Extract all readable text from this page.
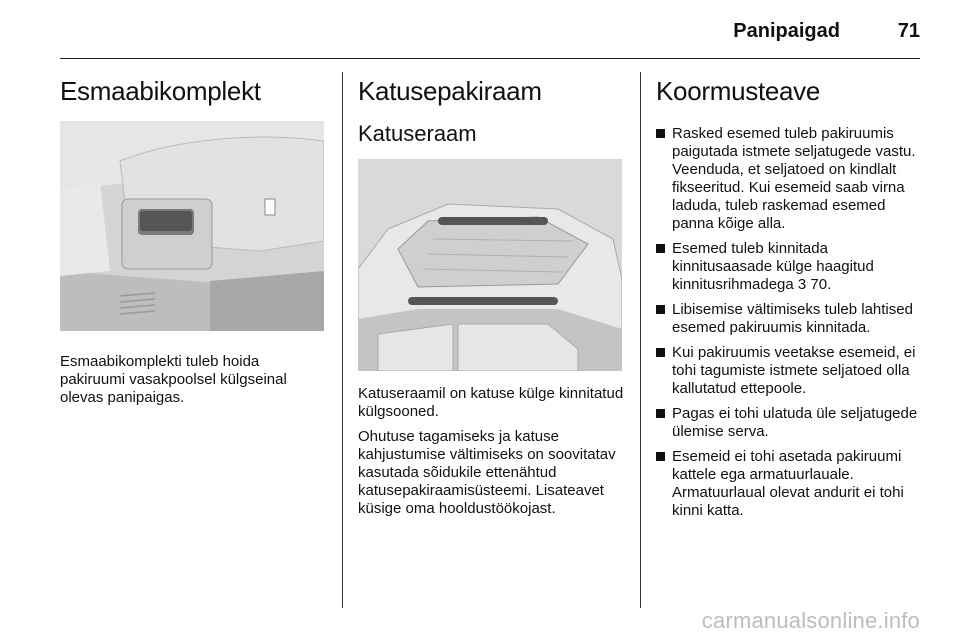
Panipaigad	71
Esmaabikomplekt

Esmaabikomplekti tuleb hoida pakiruumi vasakpoolsel külgseinal olevas panipaigas.

Katusepakiraam
Katuseraam

Katuseraamil on katuse külge kinnitatud külgsooned.

Ohutuse tagamiseks ja katuse kahjustumise vältimiseks on soovitatav kasutada sõidukile ettenähtud katusepakiraamisüsteemi. Lisateavet küsige oma hooldustöökojast.

Koormusteave
Rasked esemed tuleb pakiruumis paigutada istmete seljatugede vastu. Veenduda, et seljatoed on kindlalt fikseeritud. Kui esemeid saab virna laduda, tuleb raskemad esemed panna kõige alla.
Esemed tuleb kinnitada kinnitusaasade külge haagitud kinnitusrihmadega 3 70.
Libisemise vältimiseks tuleb lahtised esemed pakiruumis kinnitada.
Kui pakiruumis veetakse esemeid, ei tohi tagumiste istmete seljatoed olla kallutatud ettepoole.
Pagas ei tohi ulatuda üle seljatugede ülemise serva.
Esemeid ei tohi asetada pakiruumi kattele ega armatuurlauale. Armatuurlaual olevat andurit ei tohi kinni katta.
carmanualsonline.info
